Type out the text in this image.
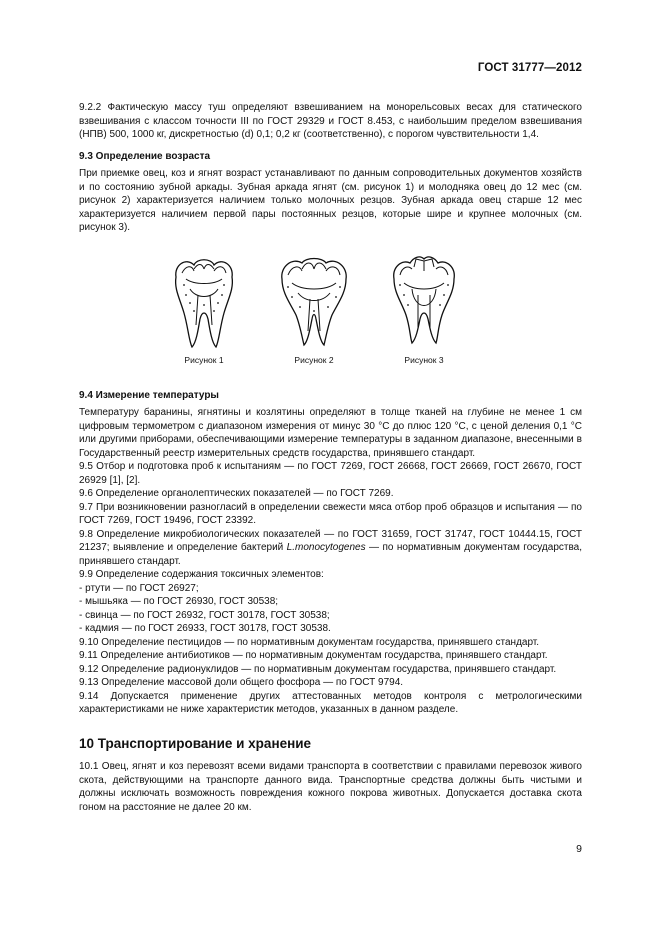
ГОСТ 31777—2012

9.2.2 Фактическую массу туш определяют взвешиванием на монорельсовых весах для статического взвешивания с классом точности III по ГОСТ 29329 и ГОСТ 8.453, с наибольшим пределом взвешивания (НПВ) 500, 1000 кг, дискретностью (d) 0,1; 0,2 кг (соответственно), с порогом чувствительности 1,4.

9.3 Определение возраста

При приемке овец, коз и ягнят возраст устанавливают по данным сопроводительных документов хозяйств и по состоянию зубной аркады. Зубная аркада ягнят (см. рисунок 1) и молодняка овец до 12 мес (см. рисунок 2) характеризуется наличием только молочных резцов. Зубная аркада овец старше 12 мес характеризуется наличием первой пары постоянных резцов, которые шире и крупнее молочных (см. рисунок 3).

Рисунок 1	Рисунок 2	Рисунок 3
9.4 Измерение температуры

Температуру баранины, ягнятины и козлятины определяют в толще тканей на глубине не менее 1 см цифровым термометром с диапазоном измерения от минус 30 °С до плюс 120 °С, с ценой деления 0,1 °С или другими приборами, обеспечивающими измерение температуры в заданном диапазоне, внесенными в Государственный реестр измерительных средств государства, принявшего стандарт.

9.5 Отбор и подготовка проб к испытаниям — по ГОСТ 7269, ГОСТ 26668, ГОСТ 26669, ГОСТ 26670, ГОСТ 26929 [1], [2].

9.6 Определение органолептических показателей — по ГОСТ 7269.

9.7 При возникновении разногласий в определении свежести мяса отбор проб образцов и испытания — по ГОСТ 7269, ГОСТ 19496, ГОСТ 23392.

9.8 Определение микробиологических показателей — по ГОСТ 31659, ГОСТ 31747, ГОСТ 10444.15, ГОСТ 21237; выявление и определение бактерий L.monocytogenes — по нормативным документам государства, принявшего стандарт.

9.9 Определение содержания токсичных элементов:

- ртути — по ГОСТ 26927;

- мышьяка — по ГОСТ 26930, ГОСТ 30538;

- свинца — по ГОСТ 26932, ГОСТ 30178, ГОСТ 30538;

- кадмия — по ГОСТ 26933, ГОСТ 30178, ГОСТ 30538.

9.10 Определение пестицидов — по нормативным документам государства, принявшего стандарт.

9.11 Определение антибиотиков — по нормативным документам государства, принявшего стандарт.

9.12 Определение радионуклидов — по нормативным документам государства, принявшего стандарт.

9.13 Определение массовой доли общего фосфора — по ГОСТ 9794.

9.14 Допускается применение других аттестованных методов контроля с метрологическими характеристиками не ниже характеристик методов, указанных в данном разделе.

10 Транспортирование и хранение

10.1 Овец, ягнят и коз перевозят всеми видами транспорта в соответствии с правилами перевозок живого скота, действующими на транспорте данного вида. Транспортные средства должны быть чистыми и должны исключать возможность повреждения кожного покрова животных. Допускается доставка скота гоном на расстояние не далее 20 км.

9
